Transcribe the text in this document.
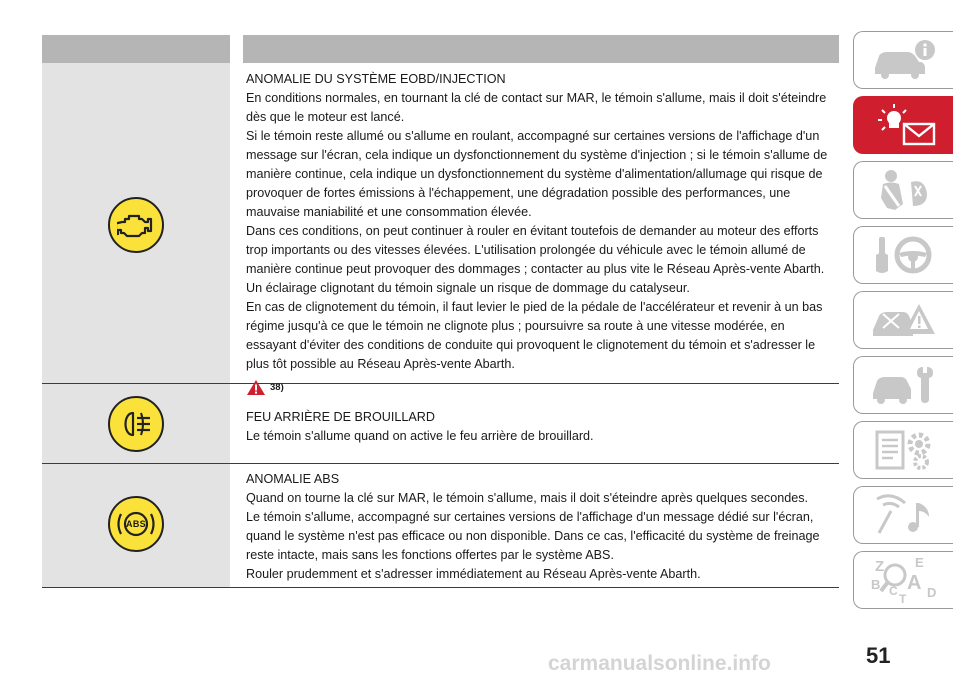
ANOMALIE DU SYSTÈME EOBD/INJECTION
En conditions normales, en tournant la clé de contact sur MAR, le témoin s'allume, mais il doit s'éteindre dès que le moteur est lancé.
Si le témoin reste allumé ou s'allume en roulant, accompagné sur certaines versions de l'affichage d'un message sur l'écran, cela indique un dysfonctionnement du système d'injection ; si le témoin s'allume de manière continue, cela indique un dysfonctionnement du système d'alimentation/allumage qui risque de provoquer de fortes émissions à l'échappement, une dégradation possible des performances, une mauvaise maniabilité et une consommation élevée.
Dans ces conditions, on peut continuer à rouler en évitant toutefois de demander au moteur des efforts trop importants ou des vitesses élevées. L'utilisation prolongée du véhicule avec le témoin allumé de manière continue peut provoquer des dommages ; contacter au plus vite le Réseau Après-vente Abarth.
Un éclairage clignotant du témoin signale un risque de dommage du catalyseur.
En cas de clignotement du témoin, il faut levier le pied de la pédale de l'accélérateur et revenir à un bas régime jusqu'à ce que le témoin ne clignote plus ; poursuivre sa route à une vitesse modérée, en essayant d'éviter des conditions de conduite qui provoquent le clignotement du témoin et s'adresser le plus tôt possible au Réseau Après-vente Abarth.
38)
FEU ARRIÈRE DE BROUILLARD
Le témoin s'allume quand on active le feu arrière de brouillard.
ABS
ANOMALIE ABS
Quand on tourne la clé sur MAR, le témoin s'allume, mais il doit s'éteindre après quelques secondes.
Le témoin s'allume, accompagné sur certaines versions de l'affichage d'un message dédié sur l'écran, quand le système n'est pas efficace ou non disponible. Dans ce cas, l'efficacité du système de freinage reste intacte, mais sans les fonctions offertes par le système ABS.
Rouler prudemment et s'adresser immédiatement au Réseau Après-vente Abarth.	Z E
B A
C D
T
carmanualsonline.info	51
